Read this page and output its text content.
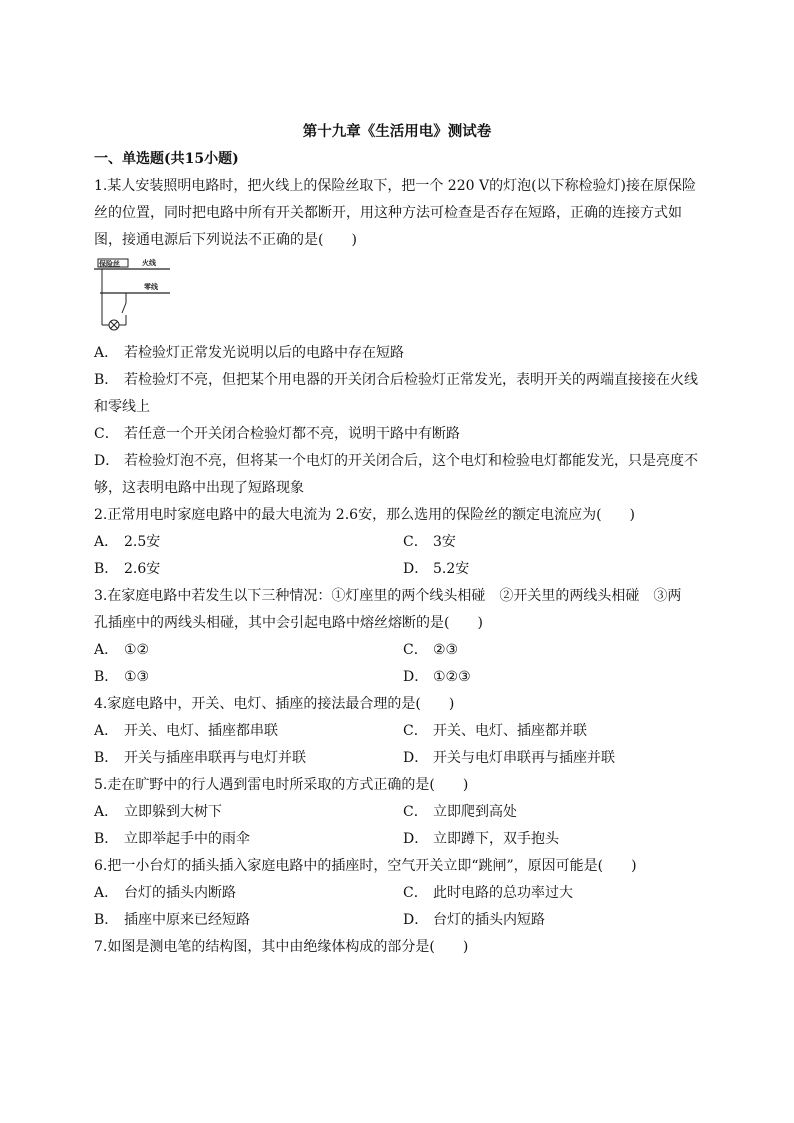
第十九章《生活用电》测试卷
一、单选题(共15小题)
1.某人安装照明电路时，把火线上的保险丝取下，把一个 220 V的灯泡(以下称检验灯)接在原保险
丝的位置，同时把电路中所有开关都断开，用这种方法可检查是否存在短路，正确的连接方式如
图，接通电源后下列说法不正确的是(　　)
保险丝	火线
零线
A． 若检验灯正常发光说明以后的电路中存在短路
B． 若检验灯不亮，但把某个用电器的开关闭合后检验灯正常发光，表明开关的两端直接接在火线
和零线上
C． 若任意一个开关闭合检验灯都不亮，说明干路中有断路
D． 若检验灯泡不亮，但将某一个电灯的开关闭合后，这个电灯和检验电灯都能发光，只是亮度不
够，这表明电路中出现了短路现象
2.正常用电时家庭电路中的最大电流为 2.6安，那么选用的保险丝的额定电流应为(　　)
A． 2.5安	C． 3安
B． 2.6安	D． 5.2安
3.在家庭电路中若发生以下三种情况：①灯座里的两个线头相碰　②开关里的两线头相碰　③两
孔插座中的两线头相碰，其中会引起电路中熔丝熔断的是(　　)
A． ①②	C． ②③
B． ①③	D． ①②③
4.家庭电路中，开关、电灯、插座的接法最合理的是(　　)
A． 开关、电灯、插座都串联	C． 开关、电灯、插座都并联
B． 开关与插座串联再与电灯并联	D． 开关与电灯串联再与插座并联
5.走在旷野中的行人遇到雷电时所采取的方式正确的是(　　)
A． 立即躲到大树下	C． 立即爬到高处
B． 立即举起手中的雨伞	D． 立即蹲下，双手抱头
6.把一小台灯的插头插入家庭电路中的插座时，空气开关立即“跳闸”，原因可能是(　　)
A． 台灯的插头内断路	C． 此时电路的总功率过大
B． 插座中原来已经短路	D． 台灯的插头内短路
7.如图是测电笔的结构图，其中由绝缘体构成的部分是(　　)
